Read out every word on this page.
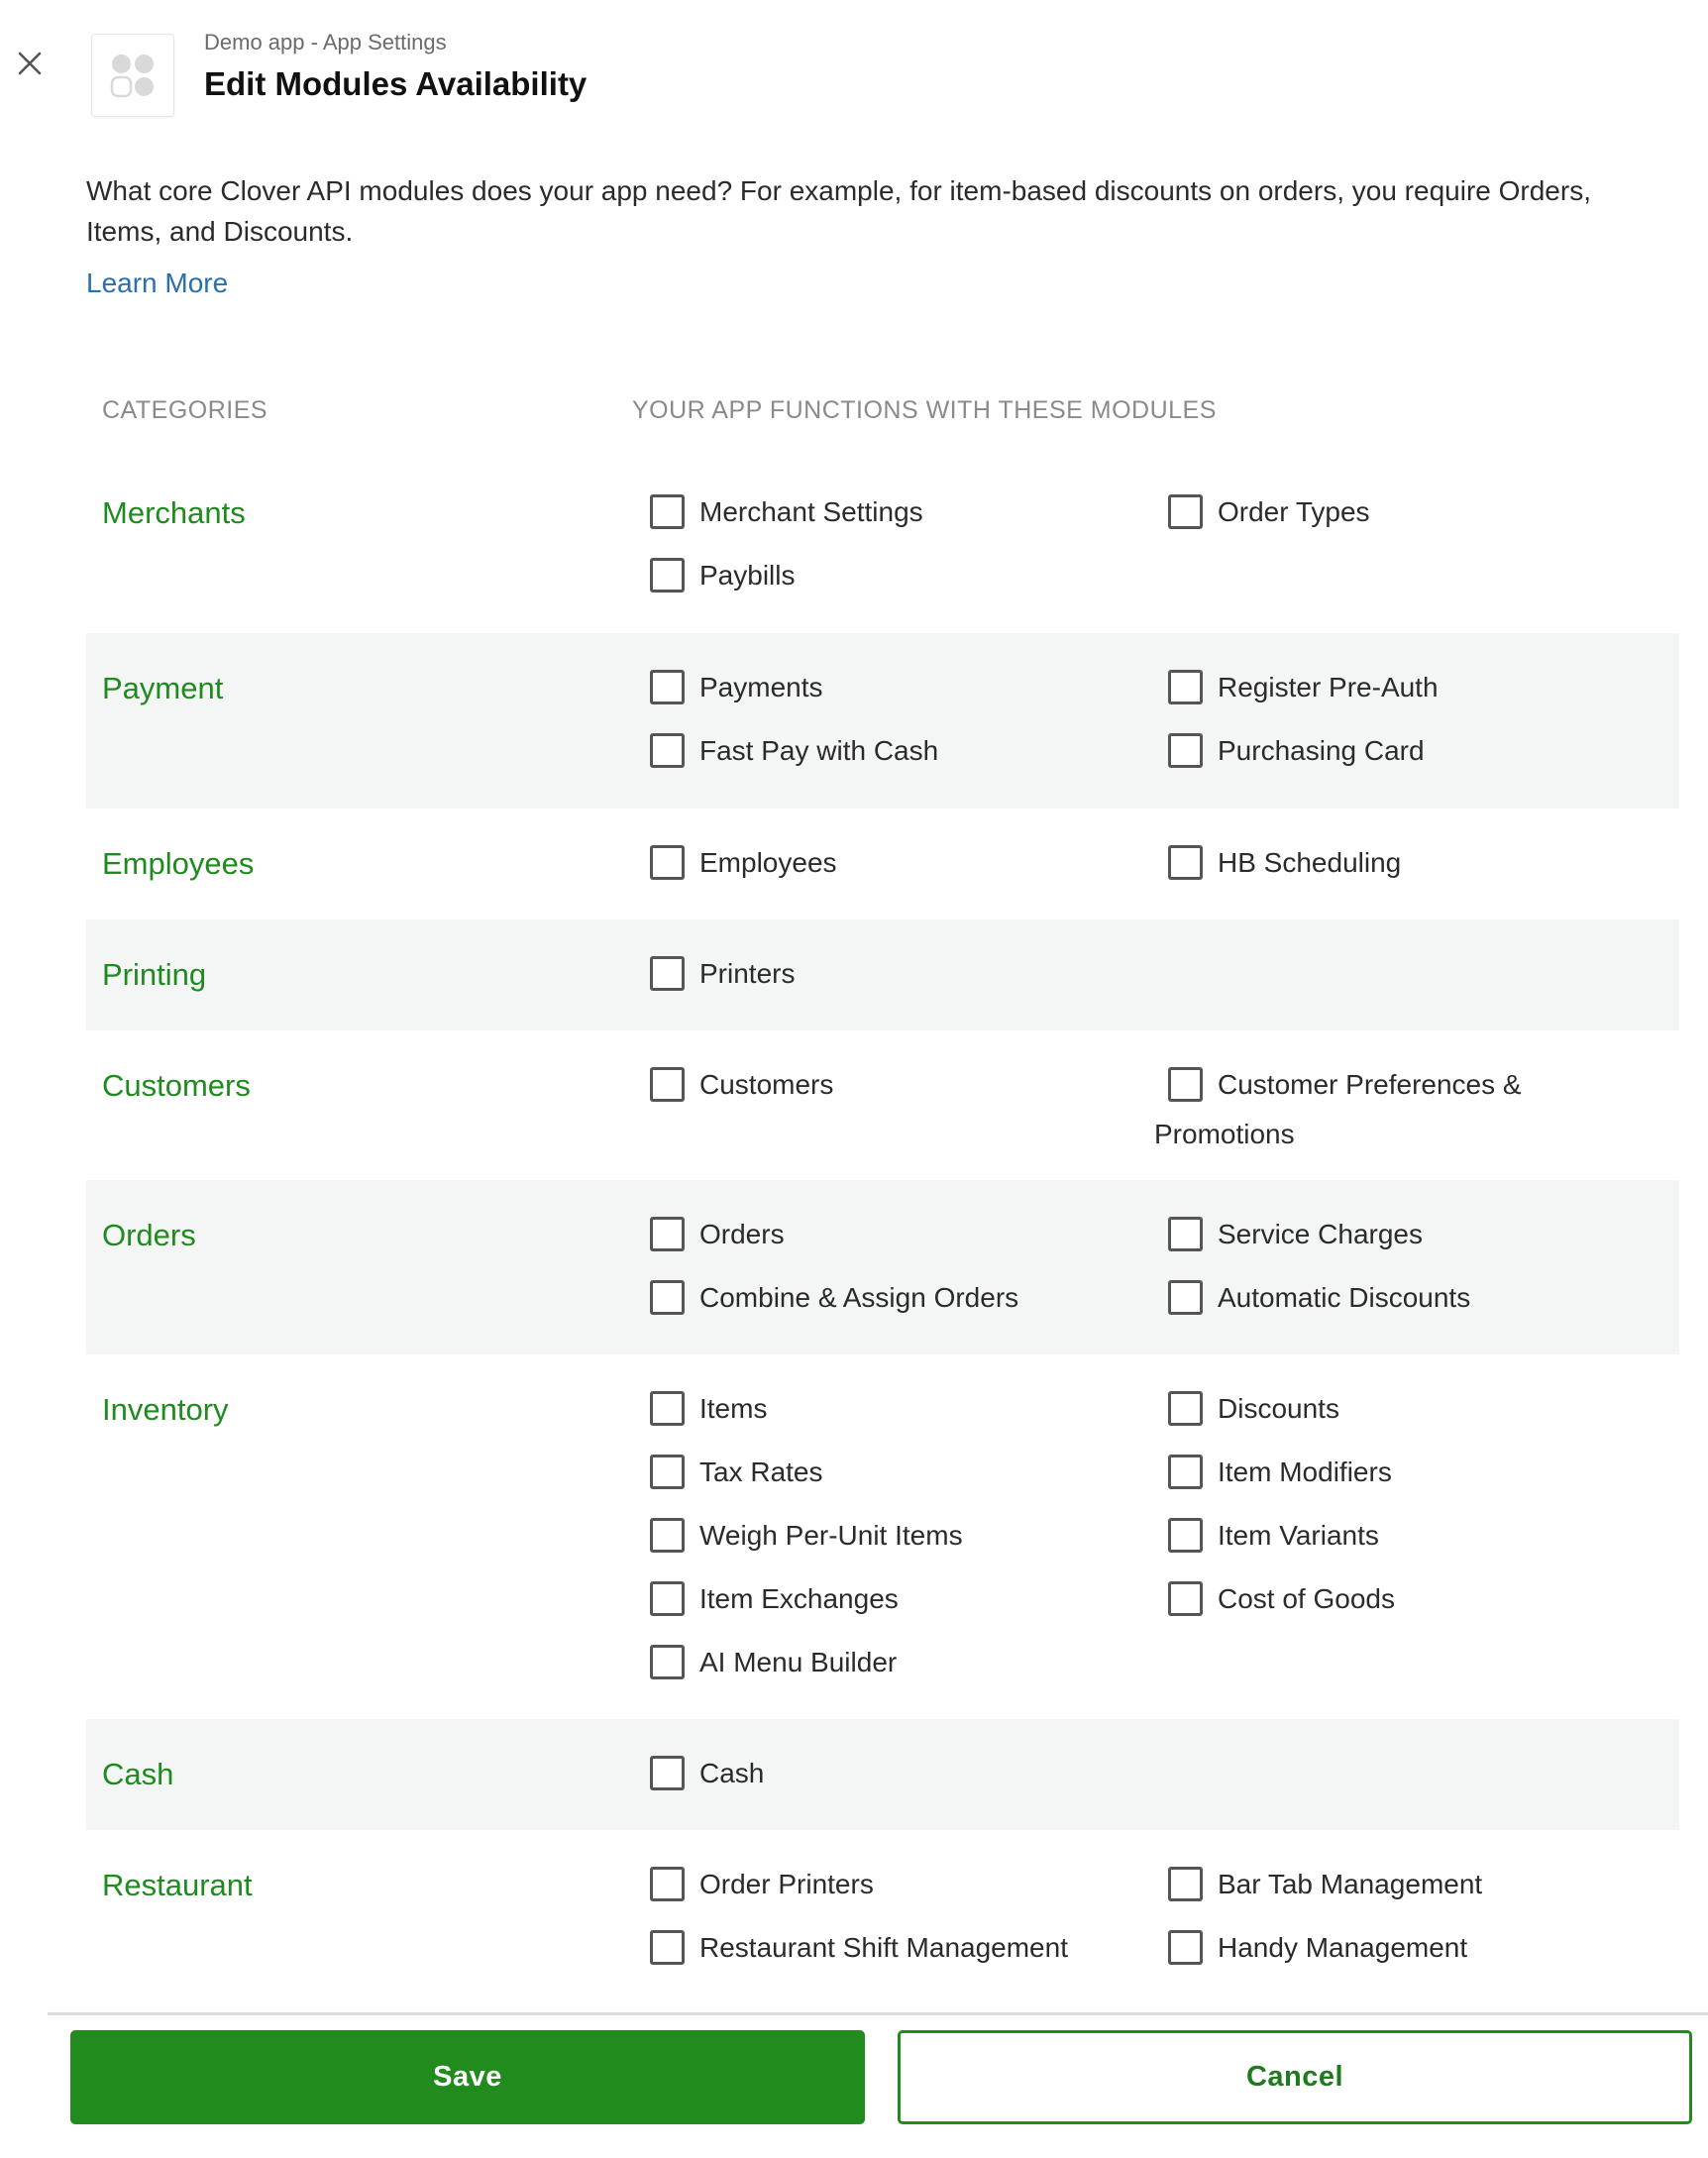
Demo app - App Settings
Edit Modules Availability
What core Clover API modules does your app need? For example, for item-based discounts on orders, you require Orders, Items, and Discounts.
Learn More
CATEGORIES	YOUR APP FUNCTIONS WITH THESE MODULES
Merchants	Merchant Settings	Order Types
Paybills
Payment	Payments	Register Pre-Auth
Fast Pay with Cash	Purchasing Card
Employees	Employees	HB Scheduling
Printing	Printers
Customers	Customers	Customer Preferences &
Promotions
Orders	Orders	Service Charges
Combine & Assign Orders	Automatic Discounts
Inventory	Items	Discounts
Tax Rates	Item Modifiers
Weigh Per-Unit Items	Item Variants
Item Exchanges	Cost of Goods
AI Menu Builder
Cash	Cash
Restaurant	Order Printers	Bar Tab Management
Restaurant Shift Management	Handy Management
Save	Cancel
